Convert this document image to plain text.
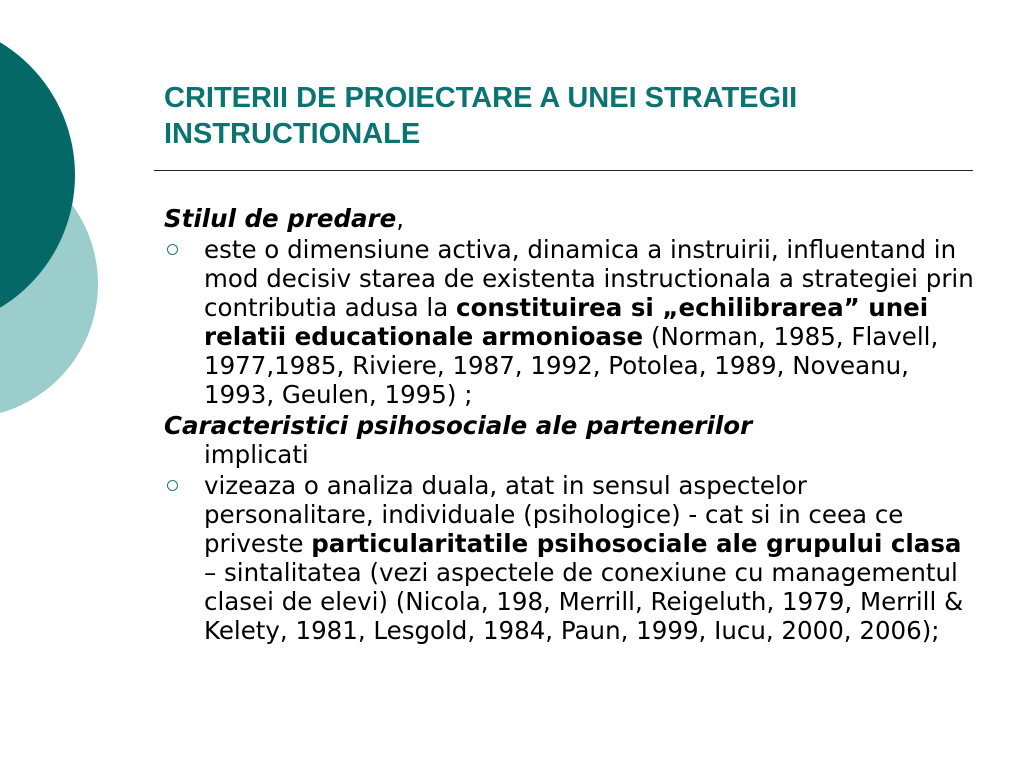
CRITERII DE PROIECTARE A UNEI STRATEGII INSTRUCTIONALE

Stilul de predare,

este o dimensiune activa, dinamica a instruirii, influentand in mod decisiv starea de existenta instructionala a strategiei prin contributia adusa la constituirea si „echilibrarea” unei relatii educationale armonioase (Norman, 1985, Flavell, 1977,1985, Riviere, 1987, 1992, Potolea, 1989, Noveanu, 1993, Geulen, 1995) ;

Caracteristici psihosociale ale partenerilor
implicati

vizeaza o analiza duala, atat in sensul aspectelor personalitare, individuale (psihologice) - cat si in ceea ce priveste particularitatile psihosociale ale grupului clasa – sintalitatea (vezi aspectele de conexiune cu managementul clasei de elevi) (Nicola, 198, Merrill, Reigeluth, 1979, Merrill & Kelety, 1981, Lesgold, 1984, Paun, 1999, Iucu, 2000, 2006);
